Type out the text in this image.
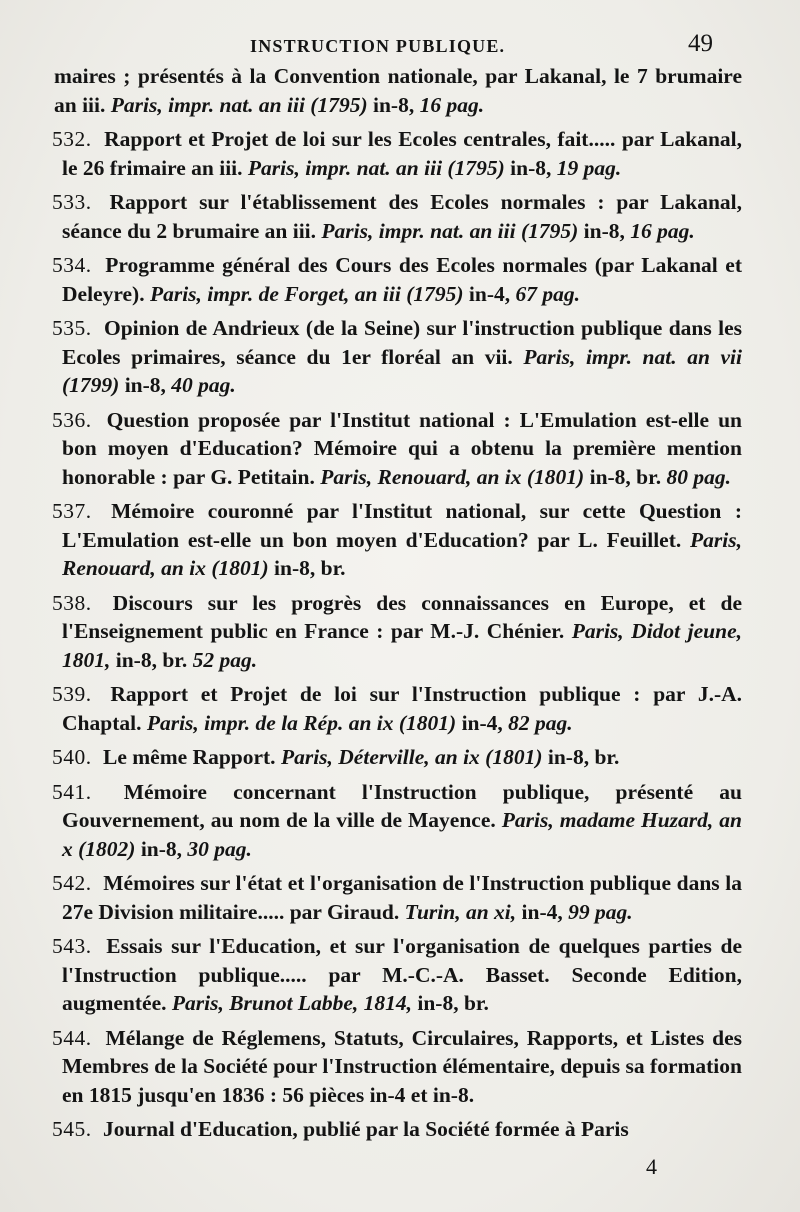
INSTRUCTION PUBLIQUE.	49

maires ; présentés à la Convention nationale, par Lakanal, le 7 brumaire an iii. Paris, impr. nat. an iii (1795) in-8, 16 pag.

532. Rapport et Projet de loi sur les Ecoles centrales, fait..... par Lakanal, le 26 frimaire an iii. Paris, impr. nat. an iii (1795) in-8, 19 pag.

533. Rapport sur l'établissement des Ecoles normales : par Lakanal, séance du 2 brumaire an iii. Paris, impr. nat. an iii (1795) in-8, 16 pag.

534. Programme général des Cours des Ecoles normales (par Lakanal et Deleyre). Paris, impr. de Forget, an iii (1795) in-4, 67 pag.

535. Opinion de Andrieux (de la Seine) sur l'instruction publique dans les Ecoles primaires, séance du 1er floréal an vii. Paris, impr. nat. an vii (1799) in-8, 40 pag.

536. Question proposée par l'Institut national : L'Emulation est-elle un bon moyen d'Education? Mémoire qui a obtenu la première mention honorable : par G. Petitain. Paris, Renouard, an ix (1801) in-8, br. 80 pag.

537. Mémoire couronné par l'Institut national, sur cette Question : L'Emulation est-elle un bon moyen d'Education? par L. Feuillet. Paris, Renouard, an ix (1801) in-8, br.

538. Discours sur les progrès des connaissances en Europe, et de l'Enseignement public en France : par M.-J. Chénier. Paris, Didot jeune, 1801, in-8, br. 52 pag.

539. Rapport et Projet de loi sur l'Instruction publique : par J.-A. Chaptal. Paris, impr. de la Rép. an ix (1801) in-4, 82 pag.

540. Le même Rapport. Paris, Déterville, an ix (1801) in-8, br.

541. Mémoire concernant l'Instruction publique, présenté au Gouvernement, au nom de la ville de Mayence. Paris, madame Huzard, an x (1802) in-8, 30 pag.

542. Mémoires sur l'état et l'organisation de l'Instruction publique dans la 27e Division militaire..... par Giraud. Turin, an xi, in-4, 99 pag.

543. Essais sur l'Education, et sur l'organisation de quelques parties de l'Instruction publique..... par M.-C.-A. Basset. Seconde Edition, augmentée. Paris, Brunot Labbe, 1814, in-8, br.

544. Mélange de Réglemens, Statuts, Circulaires, Rapports, et Listes des Membres de la Société pour l'Instruction élémentaire, depuis sa formation en 1815 jusqu'en 1836 : 56 pièces in-4 et in-8.

545. Journal d'Education, publié par la Société formée à Paris

4
